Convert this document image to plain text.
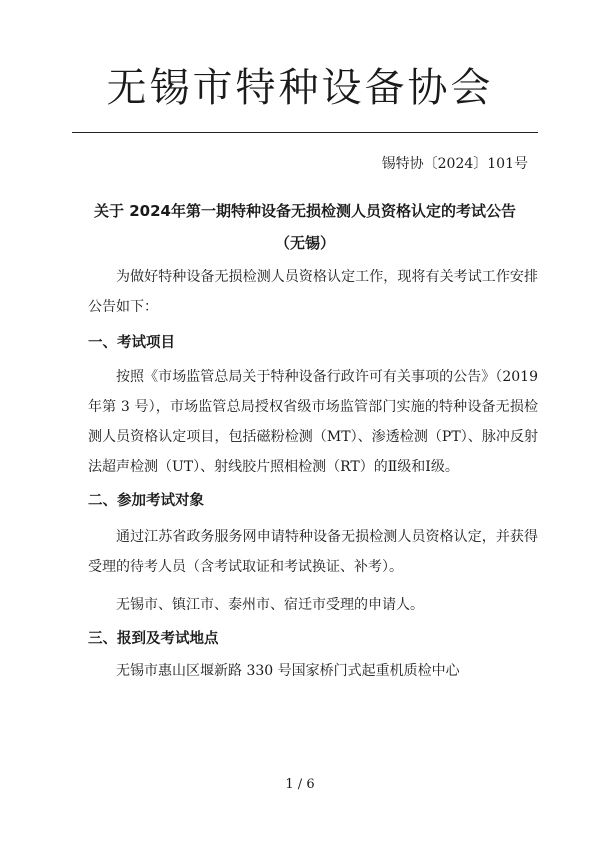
无锡市特种设备协会
锡特协〔2024〕101号
关于 2024年第一期特种设备无损检测人员资格认定的考试公告
（无锡）
为做好特种设备无损检测人员资格认定工作，现将有关考试工作安排公告如下：
一、考试项目
按照《市场监管总局关于特种设备行政许可有关事项的公告》（2019年第 3 号），市场监管总局授权省级市场监管部门实施的特种设备无损检测人员资格认定项目，包括磁粉检测（MT）、渗透检测（PT）、脉冲反射法超声检测（UT）、射线胶片照相检测（RT）的Ⅱ级和Ⅰ级。
二、参加考试对象
通过江苏省政务服务网申请特种设备无损检测人员资格认定，并获得受理的待考人员（含考试取证和考试换证、补考）。
无锡市、镇江市、泰州市、宿迁市受理的申请人。
三、报到及考试地点
无锡市惠山区堰新路 330 号国家桥门式起重机质检中心
1 / 6
